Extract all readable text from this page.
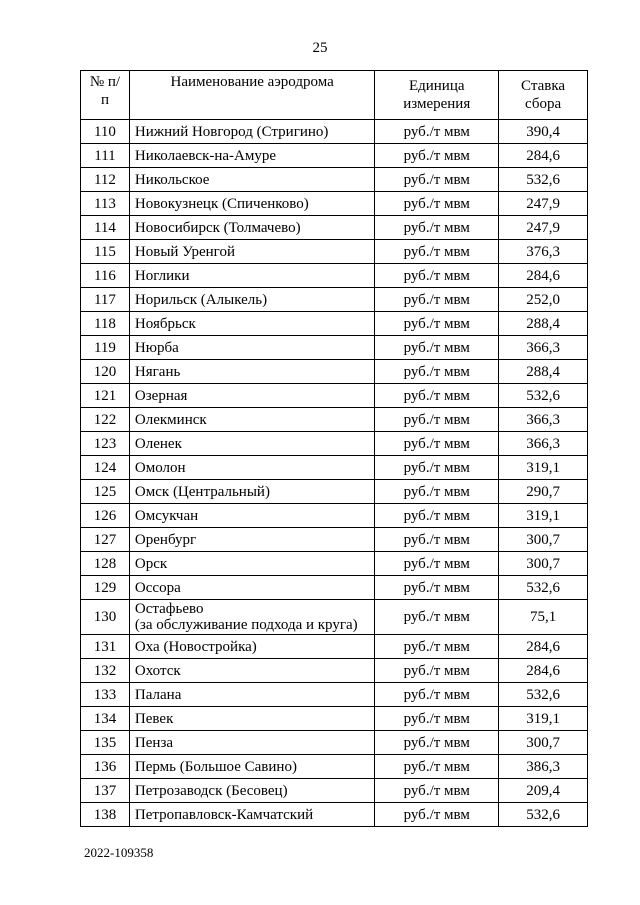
25
№ п/п	Наименование аэродрома	Единица измерения	Ставка сбора
110	Нижний Новгород (Стригино)	руб./т мвм	390,4
111	Николаевск-на-Амуре	руб./т мвм	284,6
112	Никольское	руб./т мвм	532,6
113	Новокузнецк (Спиченково)	руб./т мвм	247,9
114	Новосибирск (Толмачево)	руб./т мвм	247,9
115	Новый Уренгой	руб./т мвм	376,3
116	Ноглики	руб./т мвм	284,6
117	Норильск (Алыкель)	руб./т мвм	252,0
118	Ноябрьск	руб./т мвм	288,4
119	Нюрба	руб./т мвм	366,3
120	Нягань	руб./т мвм	288,4
121	Озерная	руб./т мвм	532,6
122	Олекминск	руб./т мвм	366,3
123	Оленек	руб./т мвм	366,3
124	Омолон	руб./т мвм	319,1
125	Омск (Центральный)	руб./т мвм	290,7
126	Омсукчан	руб./т мвм	319,1
127	Оренбург	руб./т мвм	300,7
128	Орск	руб./т мвм	300,7
129	Оссора	руб./т мвм	532,6
130	Остафьево
(за обслуживание подхода и круга)	руб./т мвм	75,1
131	Оха (Новостройка)	руб./т мвм	284,6
132	Охотск	руб./т мвм	284,6
133	Палана	руб./т мвм	532,6
134	Певек	руб./т мвм	319,1
135	Пенза	руб./т мвм	300,7
136	Пермь (Большое Савино)	руб./т мвм	386,3
137	Петрозаводск (Бесовец)	руб./т мвм	209,4
138	Петропавловск-Камчатский	руб./т мвм	532,6
2022-109358
